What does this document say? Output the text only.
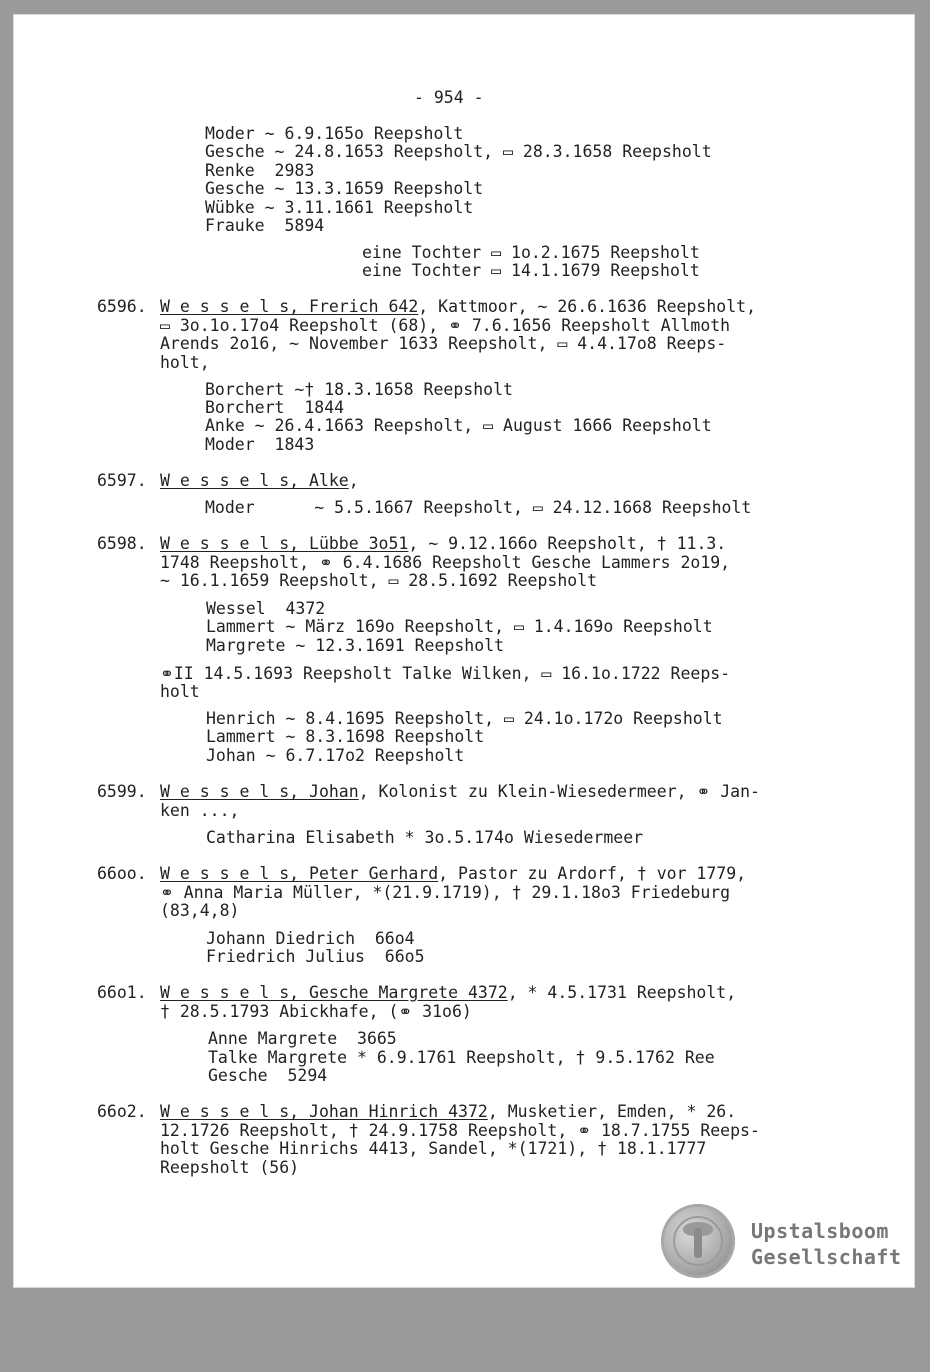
- 954 -

Moder ~ 6.9.165o Reepsholt

Gesche ~ 24.8.1653 Reepsholt, ▭ 28.3.1658 Reepsholt

Renke  2983

Gesche ~ 13.3.1659 Reepsholt

Wübke ~ 3.11.1661 Reepsholt

Frauke  5894

eine Tochter ▭ 1o.2.1675 Reepsholt

eine Tochter ▭ 14.1.1679 Reepsholt

6596.

W e s s e l s, Frerich 642, Kattmoor, ~ 26.6.1636 Reepsholt,

▭ 3o.1o.17o4 Reepsholt (68), ⚭ 7.6.1656 Reepsholt Allmoth

Arends 2o16, ~ November 1633 Reepsholt, ▭ 4.4.17o8 Reeps-

holt,

Borchert ~† 18.3.1658 Reepsholt

Borchert  1844

Anke ~ 26.4.1663 Reepsholt, ▭ August 1666 Reepsholt

Moder  1843

6597.

W e s s e l s, Alke,

Moder      ~ 5.5.1667 Reepsholt, ▭ 24.12.1668 Reepsholt

6598.

W e s s e l s, Lübbe 3o51, ~ 9.12.166o Reepsholt, † 11.3.

1748 Reepsholt, ⚭ 6.4.1686 Reepsholt Gesche Lammers 2o19,

~ 16.1.1659 Reepsholt, ▭ 28.5.1692 Reepsholt

Wessel  4372

Lammert ~ März 169o Reepsholt, ▭ 1.4.169o Reepsholt

Margrete ~ 12.3.1691 Reepsholt

⚭II 14.5.1693 Reepsholt Talke Wilken, ▭ 16.1o.1722 Reeps-

holt

Henrich ~ 8.4.1695 Reepsholt, ▭ 24.1o.172o Reepsholt

Lammert ~ 8.3.1698 Reepsholt

Johan ~ 6.7.17o2 Reepsholt

6599.

W e s s e l s, Johan, Kolonist zu Klein-Wiesedermeer, ⚭ Jan-

ken ...,

Catharina Elisabeth * 3o.5.174o Wiesedermeer

66oo.

W e s s e l s, Peter Gerhard, Pastor zu Ardorf, † vor 1779,

⚭ Anna Maria Müller, *(21.9.1719), † 29.1.18o3 Friedeburg

(83,4,8)

Johann Diedrich  66o4

Friedrich Julius  66o5

66o1.

W e s s e l s, Gesche Margrete 4372, * 4.5.1731 Reepsholt,

† 28.5.1793 Abickhafe, (⚭ 31o6)

Anne Margrete  3665

Talke Margrete * 6.9.1761 Reepsholt, † 9.5.1762 Ree

Gesche  5294

66o2.

W e s s e l s, Johan Hinrich 4372, Musketier, Emden, * 26.

12.1726 Reepsholt, † 24.9.1758 Reepsholt, ⚭ 18.7.1755 Reeps-

holt Gesche Hinrichs 4413, Sandel, *(1721), † 18.1.1777

Reepsholt (56)

Upstalsboom
Gesellschaft
